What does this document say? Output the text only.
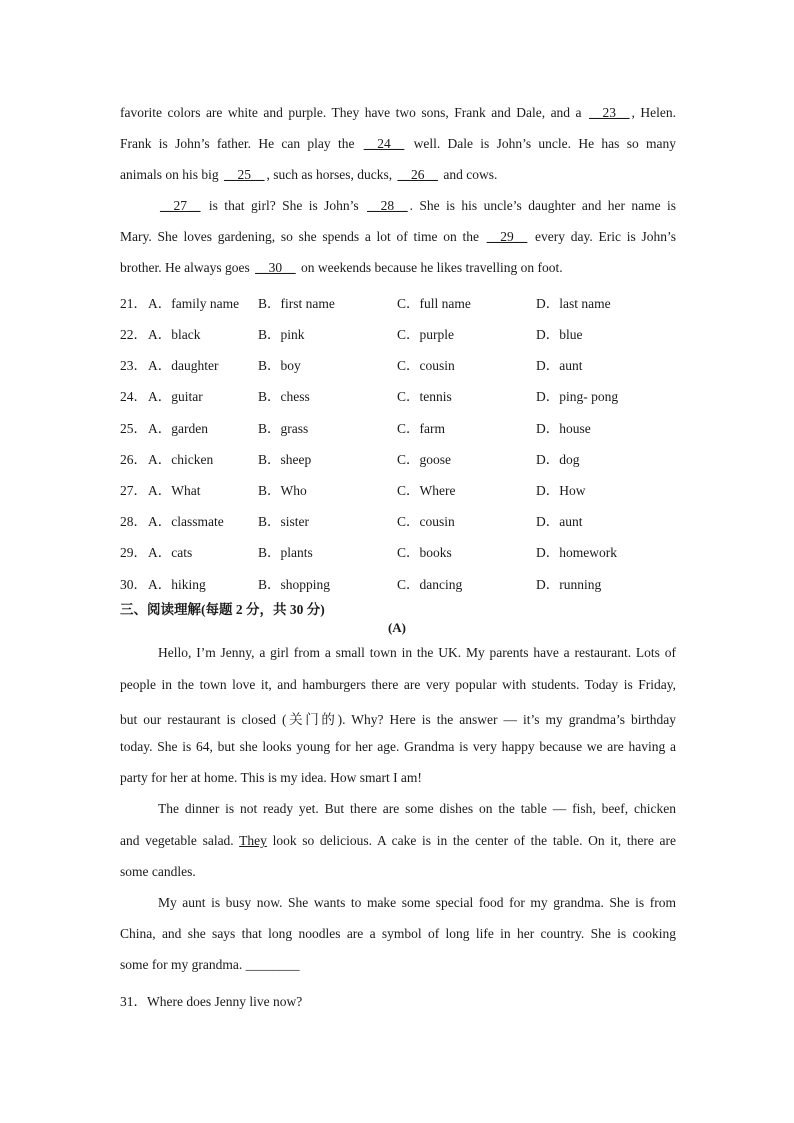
favorite colors are white and purple. They have two sons, Frank and Dale, and a __23__ , Helen.
Frank is John’s father. He can play the __24__ well. Dale is John’s uncle. He has so many
animals on his big __25__ , such as horses, ducks, __26__ and cows.
__27__ is that girl? She is John’s __28__ . She is his uncle’s daughter and her name is
Mary. She loves gardening, so she spends a lot of time on the __29__ every day. Eric is John’s
brother. He always goes __30__ on weekends because he likes travelling on foot.
21． A．family name B．first name	C．full name	D．last name
22． A．black	B．pink	C．purple	D．blue
23． A．daughter	B．boy	C．cousin	D．aunt
24． A．guitar	B．chess	C．tennis	D．ping- pong
25． A．garden	B．grass	C．farm	D．house
26． A．chicken	B．sheep	C．goose	D．dog
27． A．What	B．Who	C．Where	D．How
28． A．classmate	B．sister	C．cousin	D．aunt
29． A．cats	B．plants	C．books	D．homework
30． A．hiking	B．shopping	C．dancing	D．running
三、阅读理解(每题 2 分，共 30 分)
(A)
Hello, I’m Jenny, a girl from a small town in the UK. My parents have a restaurant. Lots of
people in the town love it, and hamburgers there are very popular with students. Today is Friday,
but our restaurant is closed (关门的). Why? Here is the answer — it’s my grandma’s birthday
today. She is 64, but she looks young for her age. Grandma is very happy because we are having a
party for her at home. This is my idea. How smart I am!
The dinner is not ready yet. But there are some dishes on the table — fish, beef, chicken
and vegetable salad. They look so delicious. A cake is in the center of the table. On it, there are
some candles.
My aunt is busy now. She wants to make some special food for my grandma. She is from
China, and she says that long noodles are a symbol of long life in her country. She is cooking
some for my grandma. ________
31．Where does Jenny live now?
